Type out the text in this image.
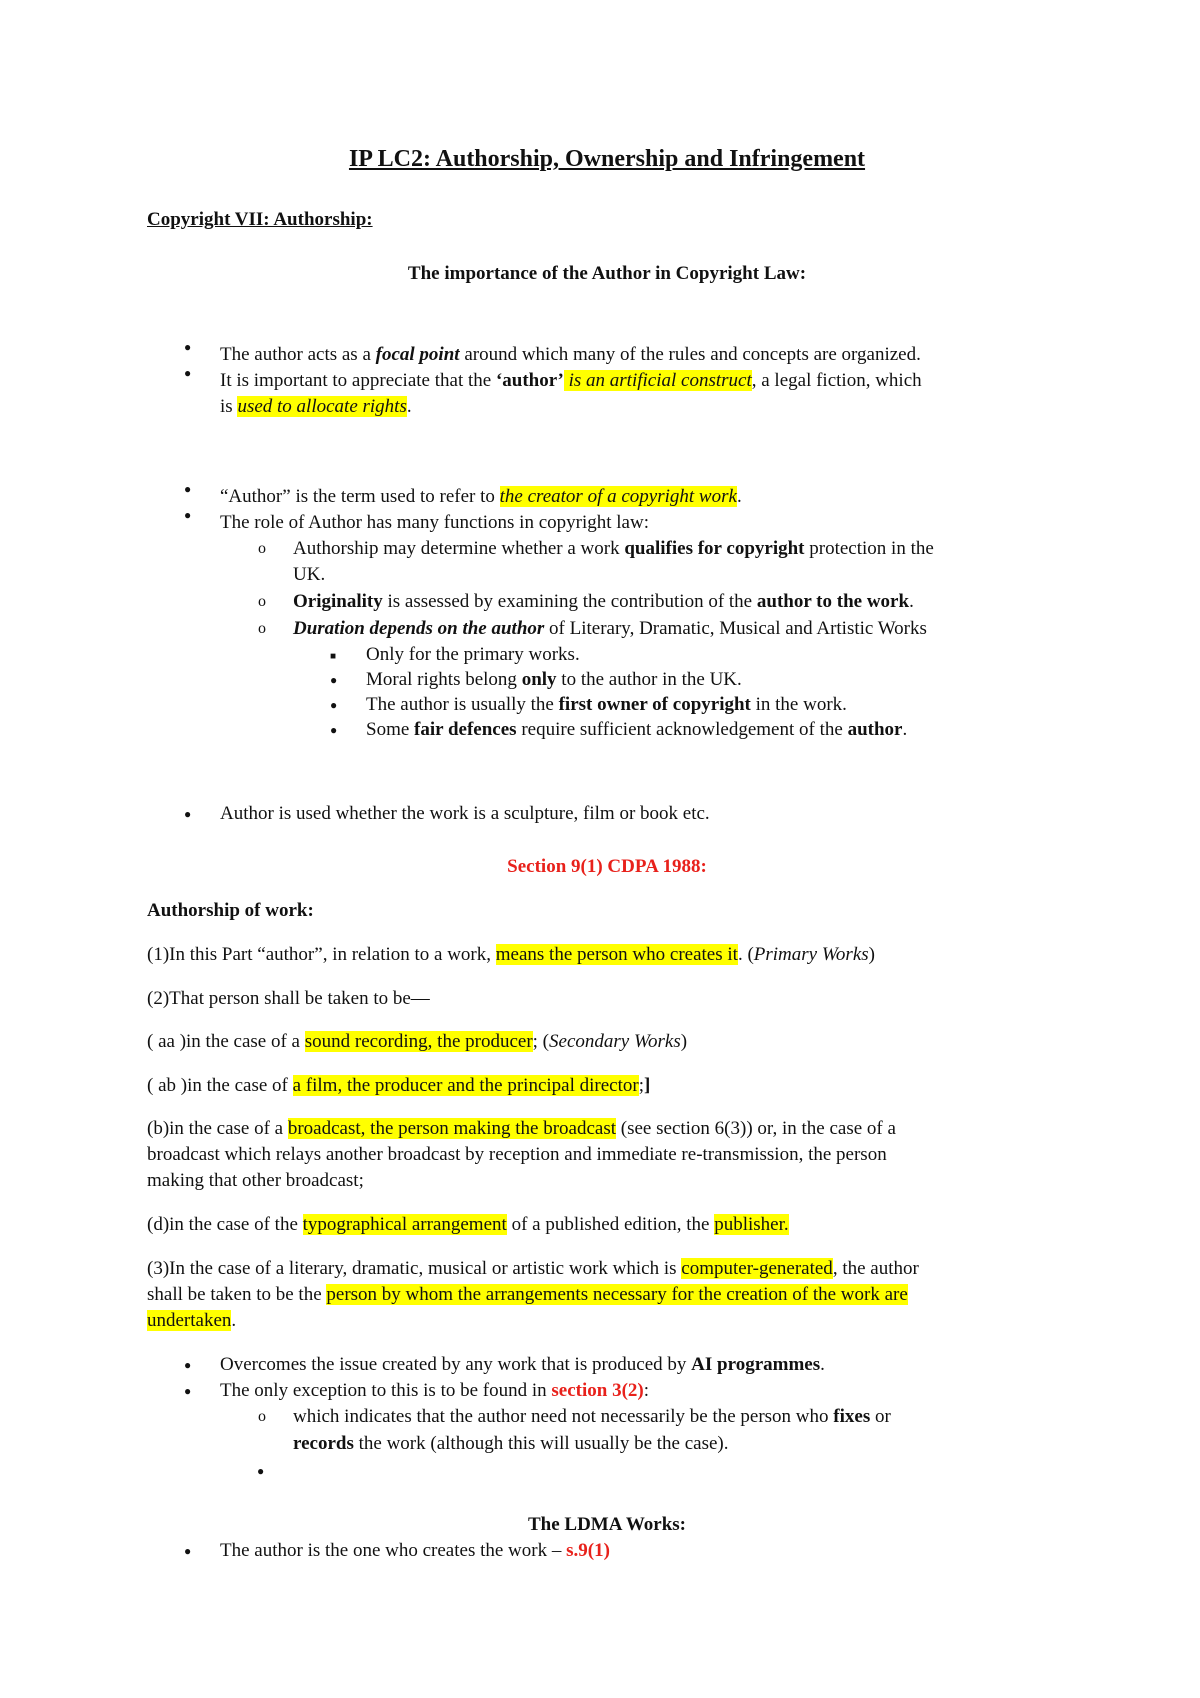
IP LC2: Authorship, Ownership and Infringement
Copyright VII: Authorship:
The importance of the Author in Copyright Law:
● The author acts as a focal point around which many of the rules and concepts are organized.
● It is important to appreciate that the ‘author’ is an artificial construct, a legal fiction, which
is used to allocate rights.
● “Author” is the term used to refer to the creator of a copyright work.
● The role of Author has many functions in copyright law:
o Authorship may determine whether a work qualifies for copyright protection in the
UK.
o Originality is assessed by examining the contribution of the author to the work.
o Duration depends on the author of Literary, Dramatic, Musical and Artistic Works
■ Only for the primary works.
● Moral rights belong only to the author in the UK.
● The author is usually the first owner of copyright in the work.
● Some fair defences require sufficient acknowledgement of the author.
● Author is used whether the work is a sculpture, film or book etc.
Section 9(1) CDPA 1988:
Authorship of work:
(1)In this Part “author”, in relation to a work, means the person who creates it. (Primary Works)
(2)That person shall be taken to be—
( aa )in the case of a sound recording, the producer; (Secondary Works)
( ab )in the case of a film, the producer and the principal director;]
(b)in the case of a broadcast, the person making the broadcast (see section 6(3)) or, in the case of a
broadcast which relays another broadcast by reception and immediate re-transmission, the person
making that other broadcast;
(d)in the case of the typographical arrangement of a published edition, the publisher.
(3)In the case of a literary, dramatic, musical or artistic work which is computer-generated, the author
shall be taken to be the person by whom the arrangements necessary for the creation of the work are
undertaken.
● Overcomes the issue created by any work that is produced by AI programmes.
● The only exception to this is to be found in section 3(2):
o which indicates that the author need not necessarily be the person who fixes or
records the work (although this will usually be the case).
●
The LDMA Works:
● The author is the one who creates the work – s.9(1)
